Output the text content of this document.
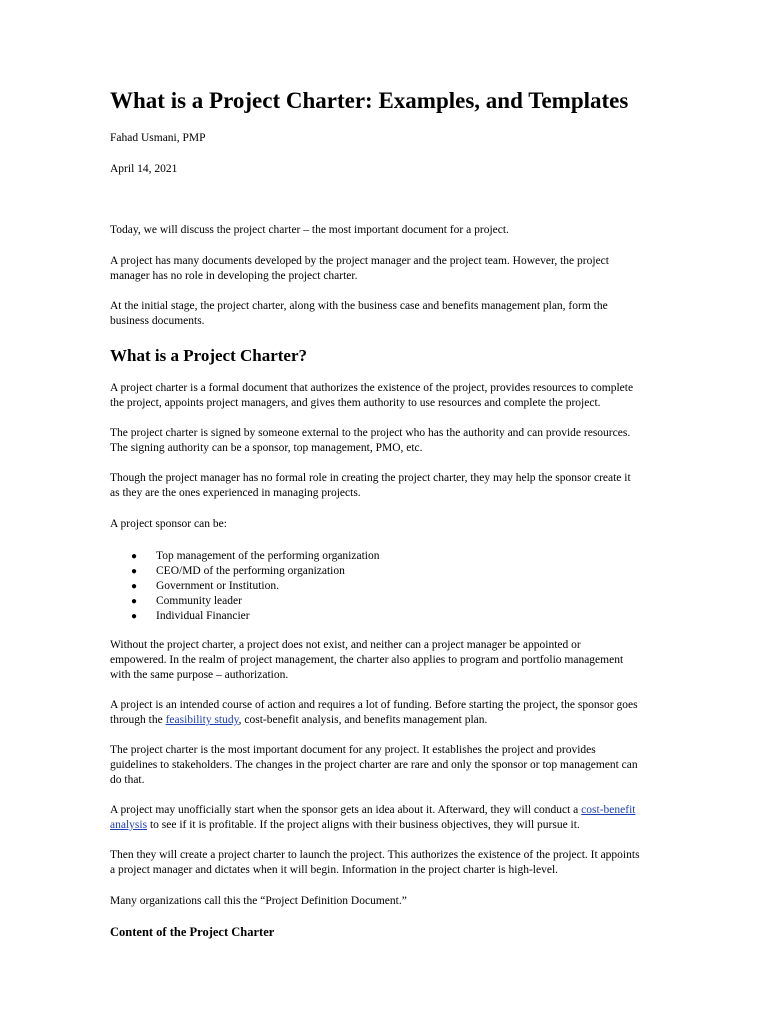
What is a Project Charter: Examples, and Templates

Fahad Usmani, PMP

April 14, 2021

Today, we will discuss the project charter – the most important document for a project.

A project has many documents developed by the project manager and the project team. However, the project
manager has no role in developing the project charter.

At the initial stage, the project charter, along with the business case and benefits management plan, form the
business documents.

What is a Project Charter?

A project charter is a formal document that authorizes the existence of the project, provides resources to complete
the project, appoints project managers, and gives them authority to use resources and complete the project.

The project charter is signed by someone external to the project who has the authority and can provide resources.
The signing authority can be a sponsor, top management, PMO, etc.

Though the project manager has no formal role in creating the project charter, they may help the sponsor create it
as they are the ones experienced in managing projects.

A project sponsor can be:

● Top management of the performing organization
● CEO/MD of the performing organization
● Government or Institution.
● Community leader
● Individual Financier

Without the project charter, a project does not exist, and neither can a project manager be appointed or
empowered. In the realm of project management, the charter also applies to program and portfolio management
with the same purpose – authorization.

A project is an intended course of action and requires a lot of funding. Before starting the project, the sponsor goes
through the feasibility study, cost-benefit analysis, and benefits management plan.

The project charter is the most important document for any project. It establishes the project and provides
guidelines to stakeholders. The changes in the project charter are rare and only the sponsor or top management can
do that.

A project may unofficially start when the sponsor gets an idea about it. Afterward, they will conduct a cost-benefit
analysis to see if it is profitable. If the project aligns with their business objectives, they will pursue it.

Then they will create a project charter to launch the project. This authorizes the existence of the project. It appoints
a project manager and dictates when it will begin. Information in the project charter is high-level.

Many organizations call this the “Project Definition Document.”

Content of the Project Charter
